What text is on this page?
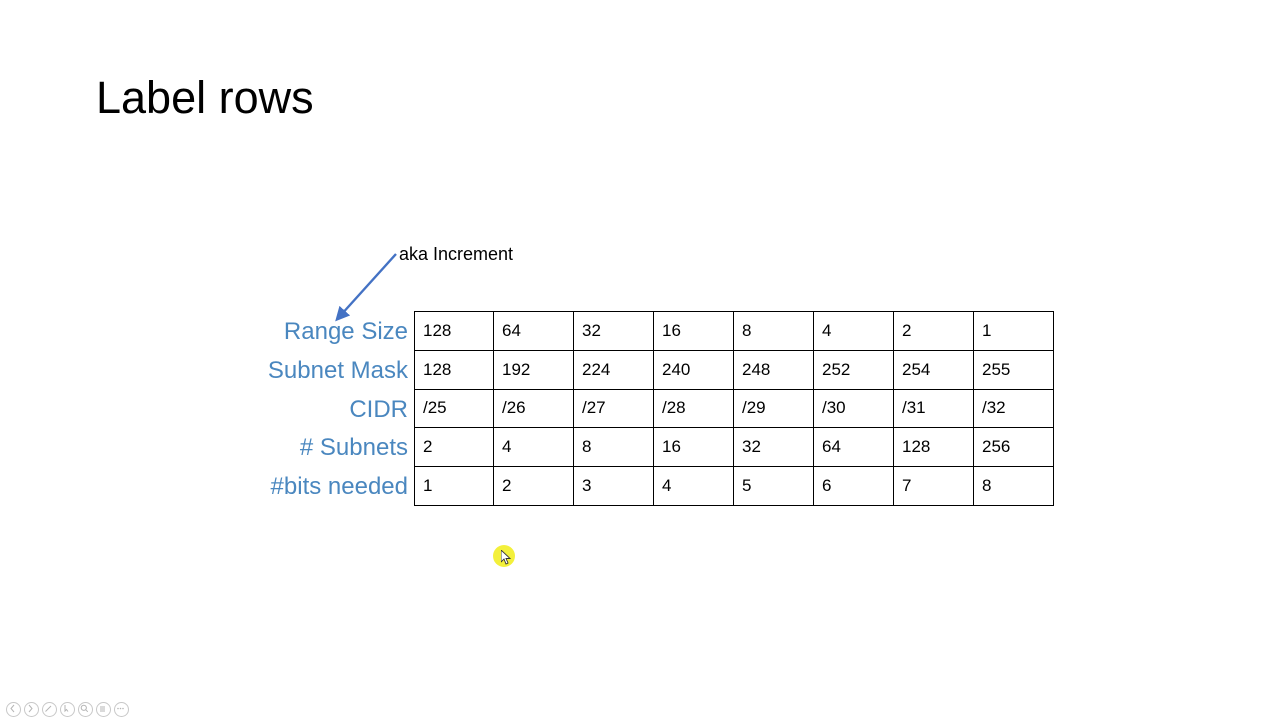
Label rows
aka Increment
Range Size
Subnet Mask
CIDR
# Subnets
#bits needed
128	64	32	16	8	4	2	1
128	192	224	240	248	252	254	255
/25	/26	/27	/28	/29	/30	/31	/32
2	4	8	16	32	64	128	256
1	2	3	4	5	6	7	8
